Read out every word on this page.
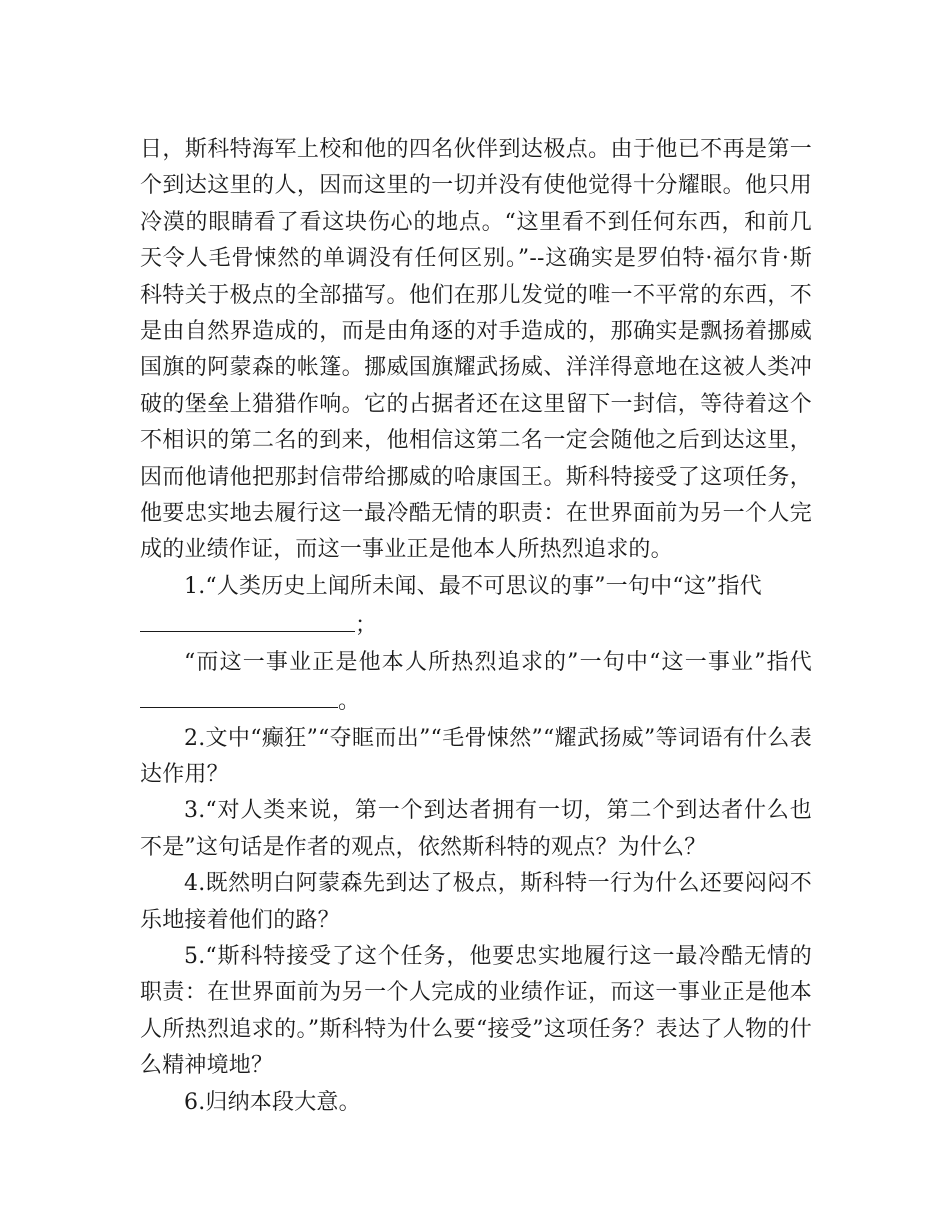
日，斯科特海军上校和他的四名伙伴到达极点。由于他已不再是第一个到达这里的人，因而这里的一切并没有使他觉得十分耀眼。他只用冷漠的眼睛看了看这块伤心的地点。“这里看不到任何东西，和前几天令人毛骨悚然的单调没有任何区别。”--这确实是罗伯特·福尔肯·斯科特关于极点的全部描写。他们在那儿发觉的唯一不平常的东西，不是由自然界造成的，而是由角逐的对手造成的，那确实是飘扬着挪威国旗的阿蒙森的帐篷。挪威国旗耀武扬威、洋洋得意地在这被人类冲破的堡垒上猎猎作响。它的占据者还在这里留下一封信，等待着这个不相识的第二名的到来，他相信这第二名一定会随他之后到达这里，因而他请他把那封信带给挪威的哈康国王。斯科特接受了这项任务，他要忠实地去履行这一最冷酷无情的职责：在世界面前为另一个人完成的业绩作证，而这一事业正是他本人所热烈追求的。

1.“人类历史上闻所未闻、最不可思议的事”一句中“这”指代
；

“而这一事业正是他本人所热烈追求的”一句中“这一事业”指代。

2.文中“癫狂”“夺眶而出”“毛骨悚然”“耀武扬威”等词语有什么表达作用？

3.“对人类来说，第一个到达者拥有一切，第二个到达者什么也不是”这句话是作者的观点，依然斯科特的观点？为什么？

4.既然明白阿蒙森先到达了极点，斯科特一行为什么还要闷闷不乐地接着他们的路？

5.“斯科特接受了这个任务，他要忠实地履行这一最冷酷无情的职责：在世界面前为另一个人完成的业绩作证，而这一事业正是他本人所热烈追求的。”斯科特为什么要“接受”这项任务？表达了人物的什么精神境地？

6.归纳本段大意。
